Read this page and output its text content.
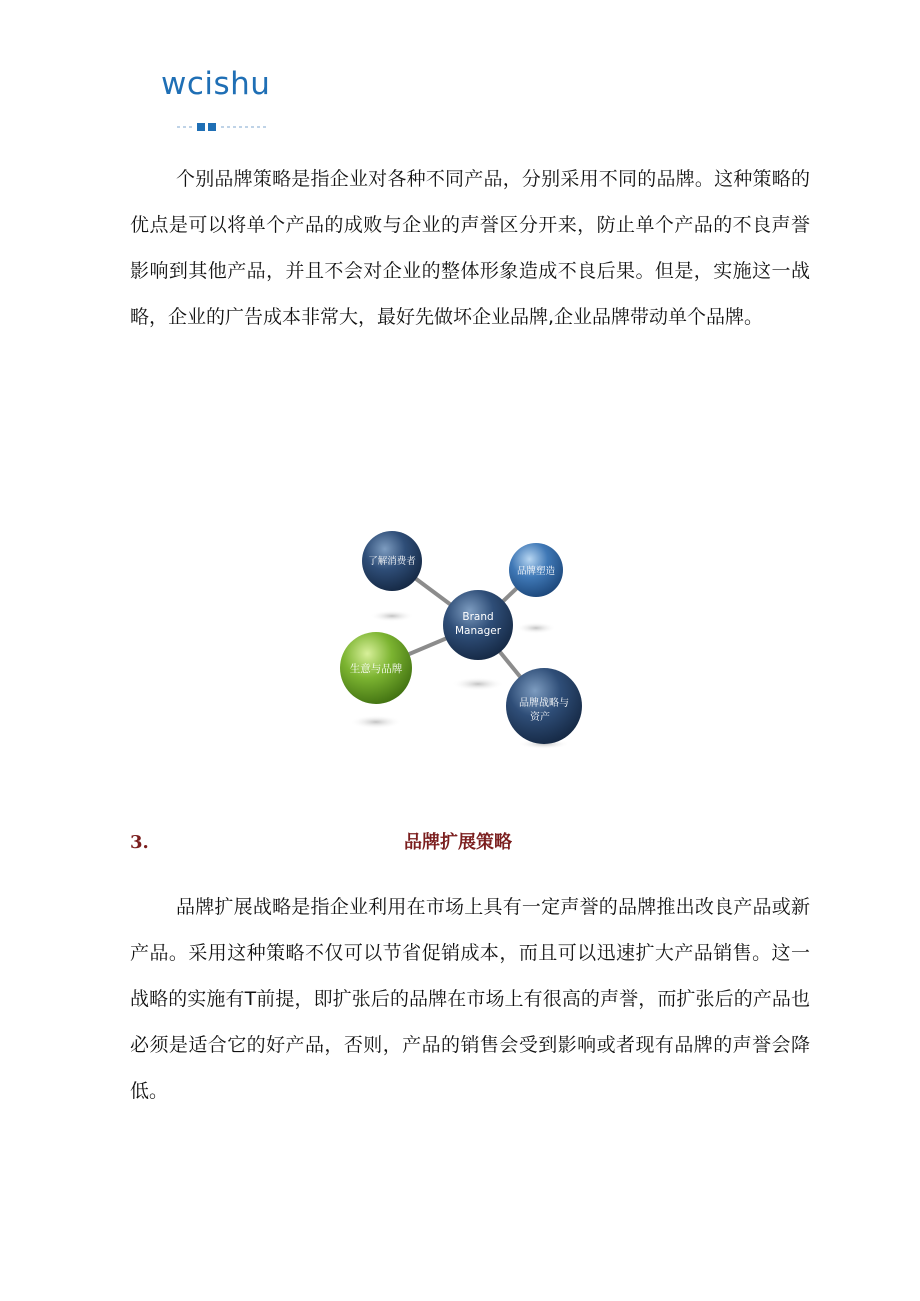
wcishu

个别品牌策略是指企业对各种不同产品，分别采用不同的品牌。这种策略的优点是可以将单个产品的成败与企业的声誉区分开来，防止单个产品的不良声誉影响到其他产品，并且不会对企业的整体形象造成不良后果。但是，实施这一战略，企业的广告成本非常大，最好先做坏企业品牌,企业品牌带动单个品牌。

了解消费者
品牌塑造
Brand
Manager
生意与品牌
品牌战略与
资产
3.	品牌扩展策略

品牌扩展战略是指企业利用在市场上具有一定声誉的品牌推出改良产品或新产品。采用这种策略不仅可以节省促销成本，而且可以迅速扩大产品销售。这一战略的实施有T前提，即扩张后的品牌在市场上有很高的声誉，而扩张后的产品也必须是适合它的好产品，否则，产品的销售会受到影响或者现有品牌的声誉会降低。
